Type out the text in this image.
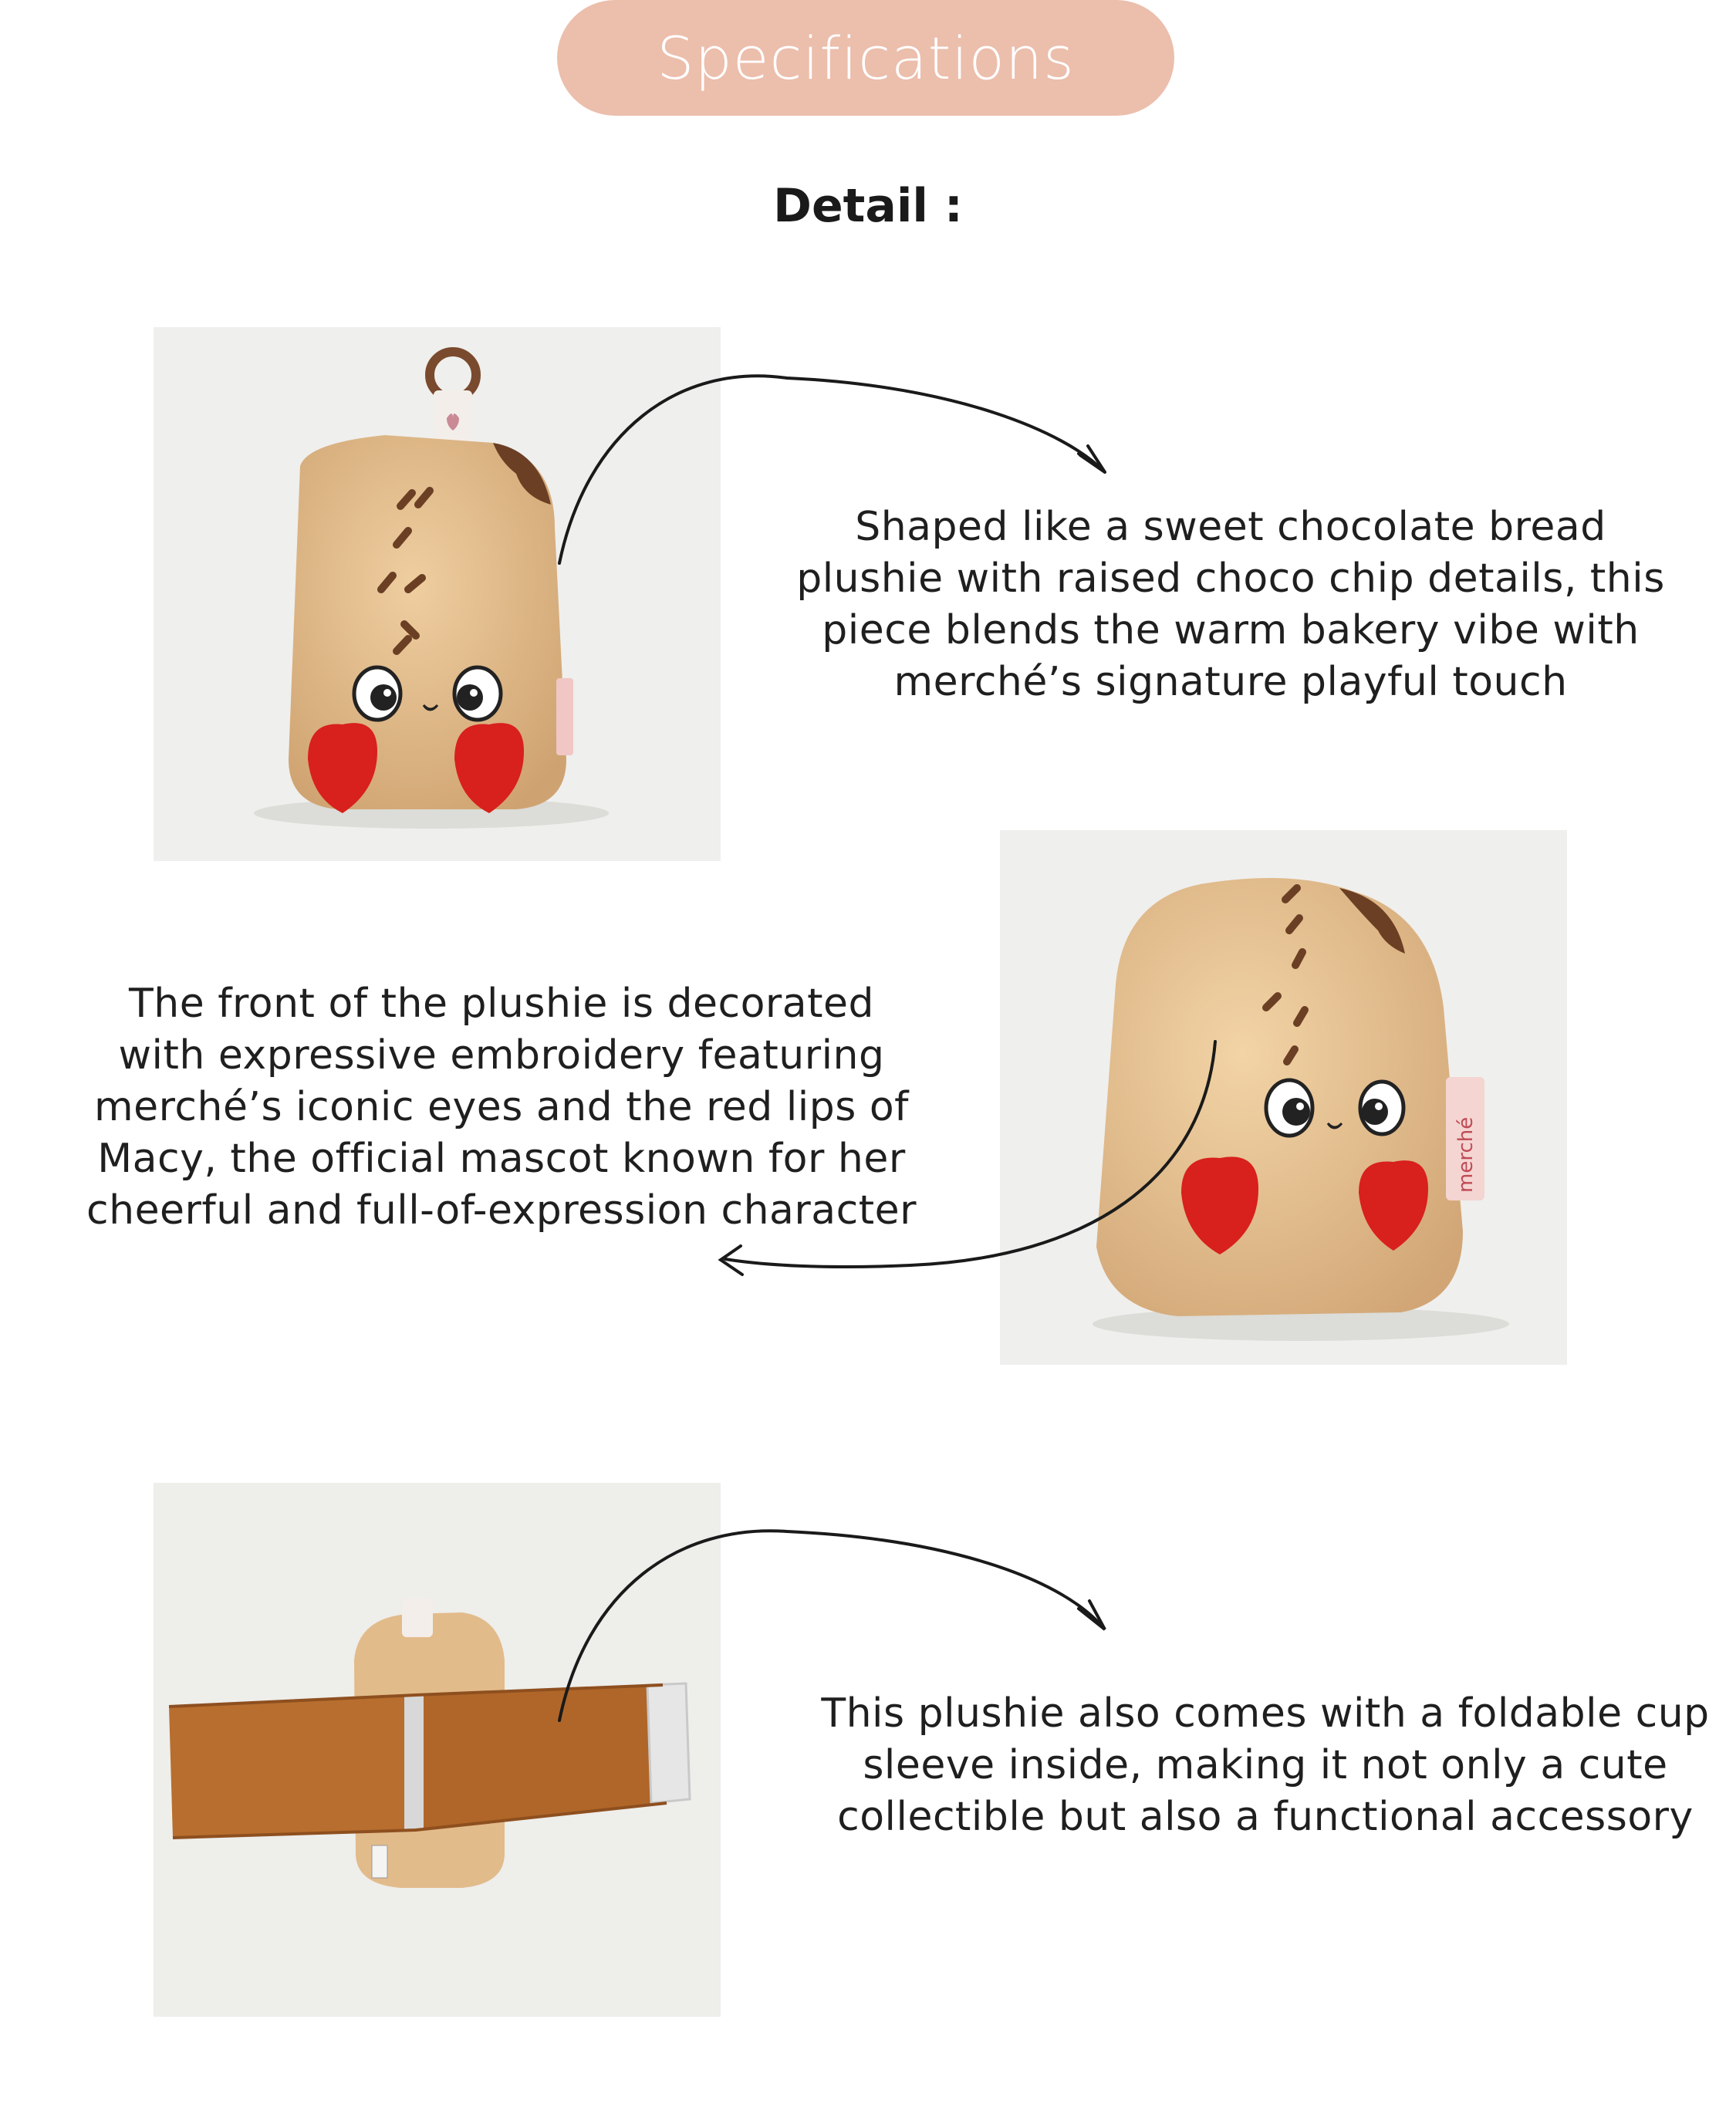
Specifications
Detail :
merché
Shaped like a sweet chocolate bread plushie with raised choco chip details, this piece blends the warm bakery vibe with merché’s signature playful touch
The front of the plushie is decorated with expressive embroidery featuring merché’s iconic eyes and the red lips of Macy, the official mascot known for her cheerful and full-of-expression character
This plushie also comes with a foldable cup sleeve inside, making it not only a cute collectible but also a functional accessory
